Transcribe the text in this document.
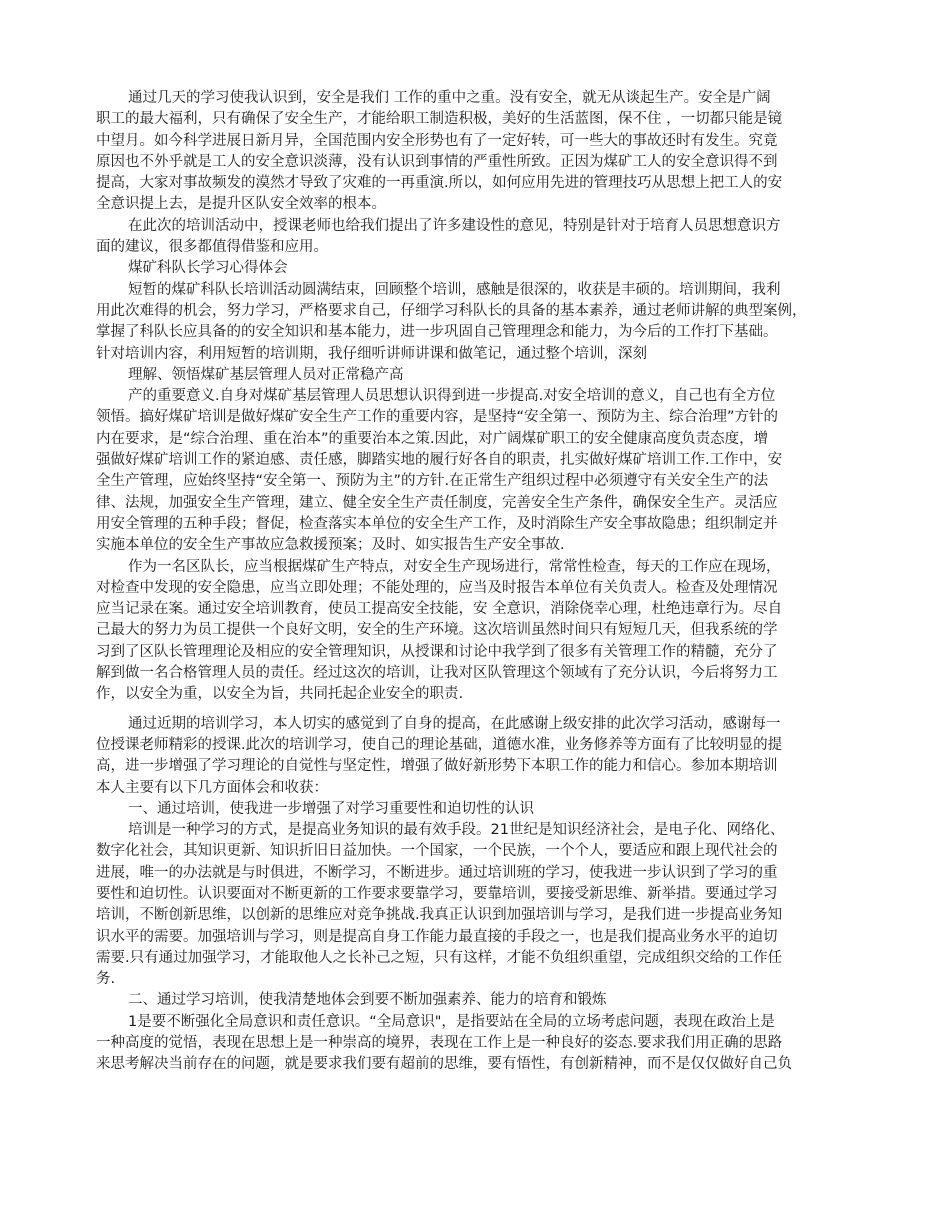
通过几天的学习使我认识到，安全是我们 工作的重中之重。没有安全，就无从谈起生产。安全是广阔
职工的最大福利，只有确保了安全生产，才能给职工制造积极，美好的生活蓝图，保不住 ，一切都只能是镜
中望月。如今科学进展日新月异，全国范围内安全形势也有了一定好转，可一些大的事故还时有发生。究竟
原因也不外乎就是工人的安全意识淡薄，没有认识到事情的严重性所致。正因为煤矿工人的安全意识得不到
提高，大家对事故频发的漠然才导致了灾难的一再重演.所以，如何应用先进的管理技巧从思想上把工人的安
全意识提上去，是提升区队安全效率的根本。
在此次的培训活动中，授课老师也给我们提出了许多建设性的意见，特别是针对于培育人员思想意识方
面的建议，很多都值得借鉴和应用。
煤矿科队长学习心得体会
短暂的煤矿科队长培训活动圆满结束，回顾整个培训，感触是很深的，收获是丰硕的。培训期间，我利
用此次难得的机会，努力学习，严格要求自己，仔细学习科队长的具备的基本素养，通过老师讲解的典型案例，
掌握了科队长应具备的的安全知识和基本能力，进一步巩固自己管理理念和能力，为今后的工作打下基础。
针对培训内容，利用短暂的培训期，我仔细听讲师讲课和做笔记，通过整个培训，深刻
理解、领悟煤矿基层管理人员对正常稳产高
产的重要意义.自身对煤矿基层管理人员思想认识得到进一步提高.对安全培训的意义，自己也有全方位
领悟。搞好煤矿培训是做好煤矿安全生产工作的重要内容，是坚持“安全第一、预防为主、综合治理”方针的
内在要求，是“综合治理、重在治本”的重要治本之策.因此，对广阔煤矿职工的安全健康高度负责态度，增
强做好煤矿培训工作的紧迫感、责任感，脚踏实地的履行好各自的职责，扎实做好煤矿培训工作.工作中，安
全生产管理，应始终坚持“安全第一、预防为主”的方针.在正常生产组织过程中必须遵守有关安全生产的法
律、法规，加强安全生产管理，建立、健全安全生产责任制度，完善安全生产条件，确保安全生产。灵活应
用安全管理的五种手段；督促，检查落实本单位的安全生产工作，及时消除生产安全事故隐患；组织制定并
实施本单位的安全生产事故应急救援预案；及时、如实报告生产安全事故.
作为一名区队长，应当根据煤矿生产特点，对安全生产现场进行，常常性检查，每天的工作应在现场，
对检查中发现的安全隐患，应当立即处理；不能处理的，应当及时报告本单位有关负责人。检查及处理情况
应当记录在案。通过安全培训教育，使员工提高安全技能，安 全意识，消除侥幸心理，杜绝违章行为。尽自
己最大的努力为员工提供一个良好文明，安全的生产环境。这次培训虽然时间只有短短几天，但我系统的学
习到了区队长管理理论及相应的安全管理知识，从授课和讨论中我学到了很多有关管理工作的精髓，充分了
解到做一名合格管理人员的责任。经过这次的培训，让我对区队管理这个领域有了充分认识，今后将努力工
作，以安全为重，以安全为旨，共同托起企业安全的职责.
通过近期的培训学习，本人切实的感觉到了自身的提高，在此感谢上级安排的此次学习活动，感谢每一
位授课老师精彩的授课.此次的培训学习，使自己的理论基础，道德水准，业务修养等方面有了比较明显的提
高，进一步增强了学习理论的自觉性与坚定性，增强了做好新形势下本职工作的能力和信心。参加本期培训
本人主要有以下几方面体会和收获：
一、通过培训，使我进一步增强了对学习重要性和迫切性的认识
培训是一种学习的方式，是提高业务知识的最有效手段。21世纪是知识经济社会，是电子化、网络化、
数字化社会，其知识更新、知识折旧日益加快。一个国家，一个民族，一个个人，要适应和跟上现代社会的
进展，唯一的办法就是与时俱进，不断学习，不断进步。通过培训班的学习，使我进一步认识到了学习的重
要性和迫切性。认识要面对不断更新的工作要求要靠学习，要靠培训，要接受新思维、新举措。要通过学习
培训，不断创新思维，以创新的思维应对竞争挑战.我真正认识到加强培训与学习，是我们进一步提高业务知
识水平的需要。加强培训与学习，则是提高自身工作能力最直接的手段之一，也是我们提高业务水平的迫切
需要.只有通过加强学习，才能取他人之长补己之短，只有这样，才能不负组织重望，完成组织交给的工作任
务.
二、通过学习培训，使我清楚地体会到要不断加强素养、能力的培育和锻炼
1是要不断强化全局意识和责任意识。“全局意识"，是指要站在全局的立场考虑问题，表现在政治上是
一种高度的觉悟，表现在思想上是一种崇高的境界，表现在工作上是一种良好的姿态.要求我们用正确的思路
来思考解决当前存在的问题，就是要求我们要有超前的思维，要有悟性，有创新精神，而不是仅仅做好自己负
